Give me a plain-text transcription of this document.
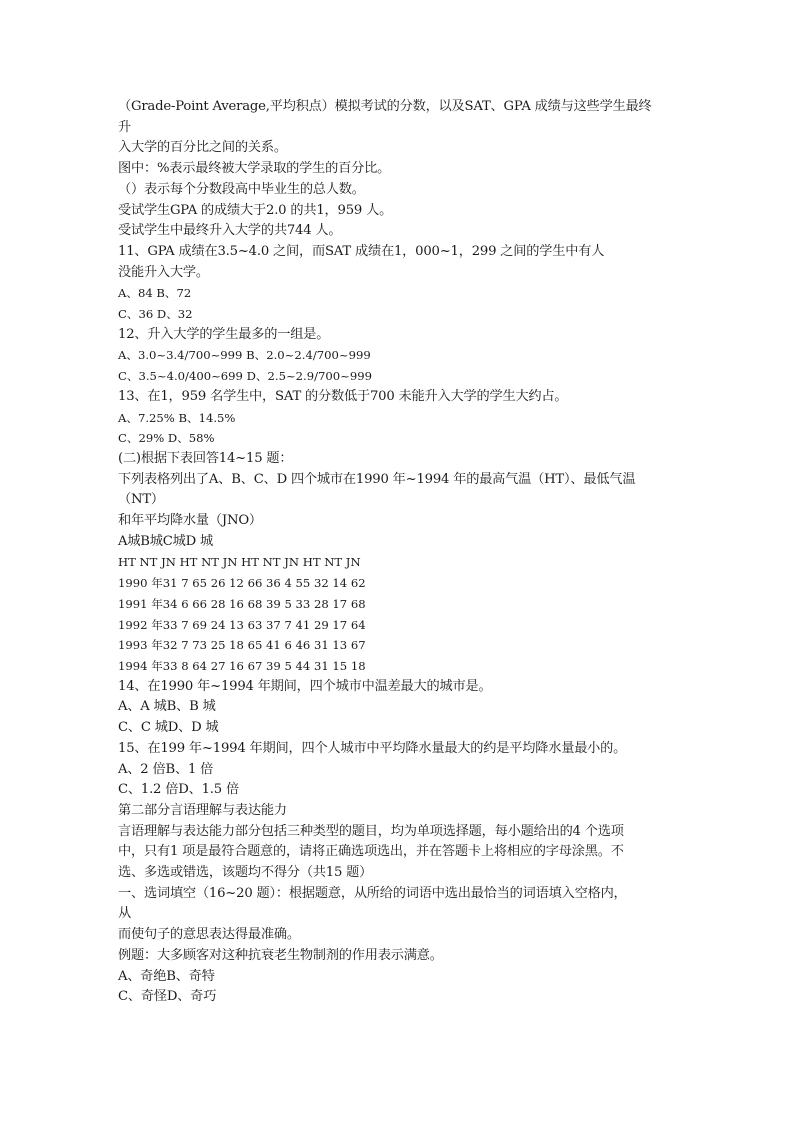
（Grade-Point Average,平均积点）模拟考试的分数，以及SAT、GPA 成绩与这些学生最终
升
入大学的百分比之间的关系。
图中：%表示最终被大学录取的学生的百分比。
（）表示每个分数段高中毕业生的总人数。
受试学生GPA 的成绩大于2.0 的共1，959 人。
受试学生中最终升入大学的共744 人。
11、GPA 成绩在3.5~4.0 之间，而SAT 成绩在1，000~1，299 之间的学生中有人
没能升入大学。
A、84 B、72
C、36 D、32
12、升入大学的学生最多的一组是。
A、3.0~3.4/700~999 B、2.0~2.4/700~999
C、3.5~4.0/400~699 D、2.5~2.9/700~999
13、在1，959 名学生中，SAT 的分数低于700 未能升入大学的学生大约占。
A、7.25% B、14.5%
C、29% D、58%
(二)根据下表回答14~15 题：
下列表格列出了A、B、C、D 四个城市在1990 年~1994 年的最高气温（HT）、最低气温
（NT）
和年平均降水量（JNO）
A城B城C城D 城
HT NT JN HT NT JN HT NT JN HT NT JN
1990 年31 7 65 26 12 66 36 4 55 32 14 62
1991 年34 6 66 28 16 68 39 5 33 28 17 68
1992 年33 7 69 24 13 63 37 7 41 29 17 64
1993 年32 7 73 25 18 65 41 6 46 31 13 67
1994 年33 8 64 27 16 67 39 5 44 31 15 18
14、在1990 年~1994 年期间，四个城市中温差最大的城市是。
A、A 城B、B 城
C、C 城D、D 城
15、在199 年~1994 年期间，四个人城市中平均降水量最大的约是平均降水量最小的。
A、2 倍B、1 倍
C、1.2 倍D、1.5 倍
第二部分言语理解与表达能力
言语理解与表达能力部分包括三种类型的题目，均为单项选择题，每小题给出的4 个选项
中，只有1 项是最符合题意的，请将正确选项选出，并在答题卡上将相应的字母涂黑。不
选、多选或错选，该题均不得分（共15 题）
一、选词填空（16~20 题）：根据题意，从所给的词语中选出最恰当的词语填入空格内，
从
而使句子的意思表达得最准确。
例题：大多顾客对这种抗衰老生物制剂的作用表示满意。
A、奇绝B、奇特
C、奇怪D、奇巧
